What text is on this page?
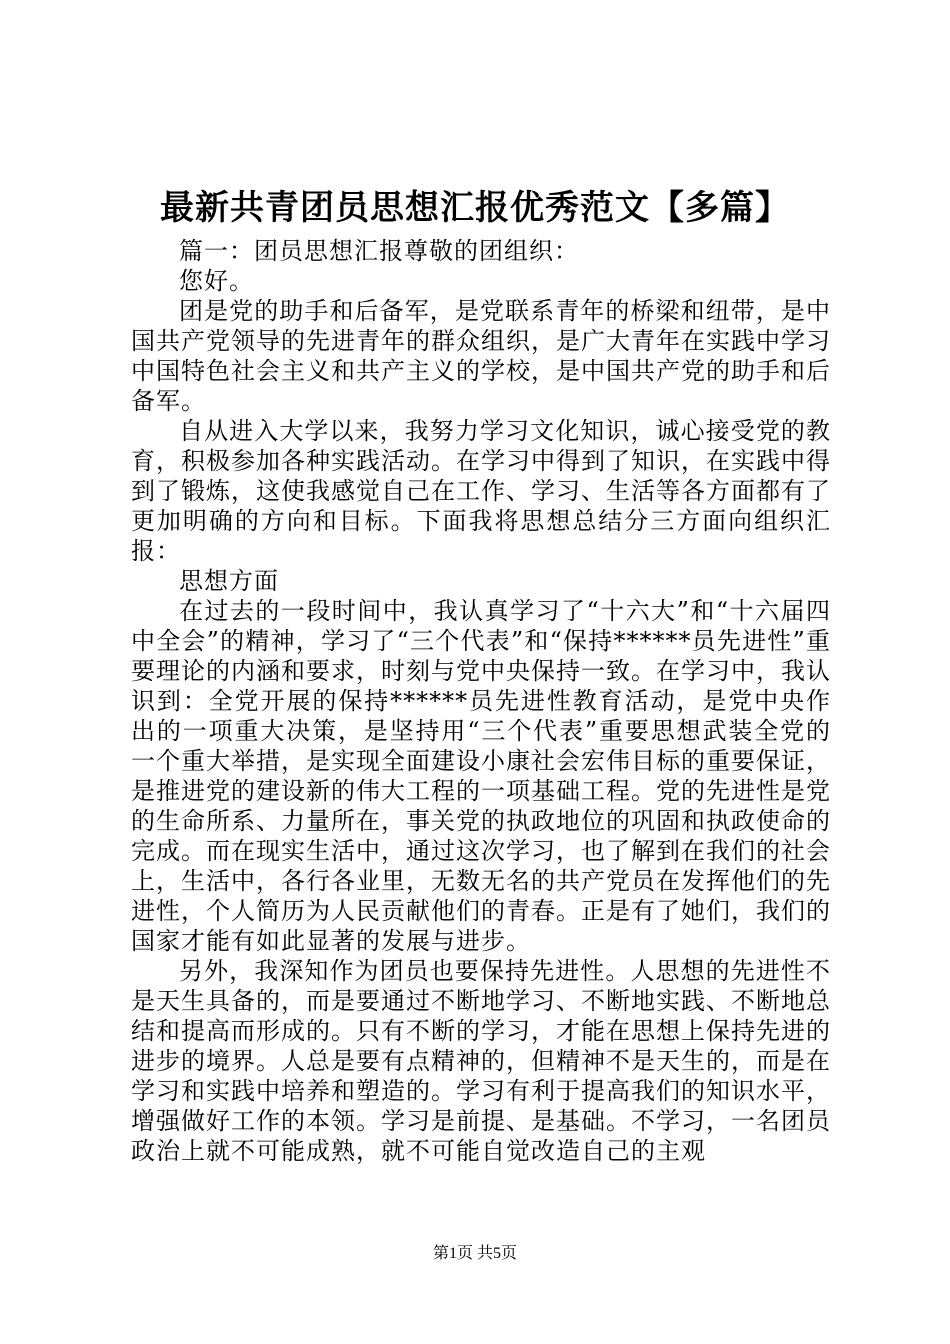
最新共青团员思想汇报优秀范文【多篇】

篇一：团员思想汇报尊敬的团组织：

您好。

团是党的助手和后备军，是党联系青年的桥梁和纽带，是中国共产党领导的先进青年的群众组织，是广大青年在实践中学习中国特色社会主义和共产主义的学校，是中国共产党的助手和后备军。

自从进入大学以来，我努力学习文化知识，诚心接受党的教育，积极参加各种实践活动。在学习中得到了知识，在实践中得到了锻炼，这使我感觉自己在工作、学习、生活等各方面都有了更加明确的方向和目标。下面我将思想总结分三方面向组织汇报：

思想方面

在过去的一段时间中，我认真学习了“十六大”和“十六届四中全会”的精神，学习了“三个代表”和“保持******员先进性”重要理论的内涵和要求，时刻与党中央保持一致。在学习中，我认识到：全党开展的保持******员先进性教育活动，是党中央作出的一项重大决策，是坚持用“三个代表”重要思想武装全党的一个重大举措，是实现全面建设小康社会宏伟目标的重要保证，是推进党的建设新的伟大工程的一项基础工程。党的先进性是党的生命所系、力量所在，事关党的执政地位的巩固和执政使命的完成。而在现实生活中，通过这次学习，也了解到在我们的社会上，生活中，各行各业里，无数无名的共产党员在发挥他们的先进性，个人简历为人民贡献他们的青春。正是有了她们，我们的国家才能有如此显著的发展与进步。

另外，我深知作为团员也要保持先进性。人思想的先进性不是天生具备的，而是要通过不断地学习、不断地实践、不断地总结和提高而形成的。只有不断的学习，才能在思想上保持先进的进步的境界。人总是要有点精神的，但精神不是天生的，而是在学习和实践中培养和塑造的。学习有利于提高我们的知识水平，增强做好工作的本领。学习是前提、是基础。不学习，一名团员政治上就不可能成熟，就不可能自觉改造自己的主观

第1页 共5页
